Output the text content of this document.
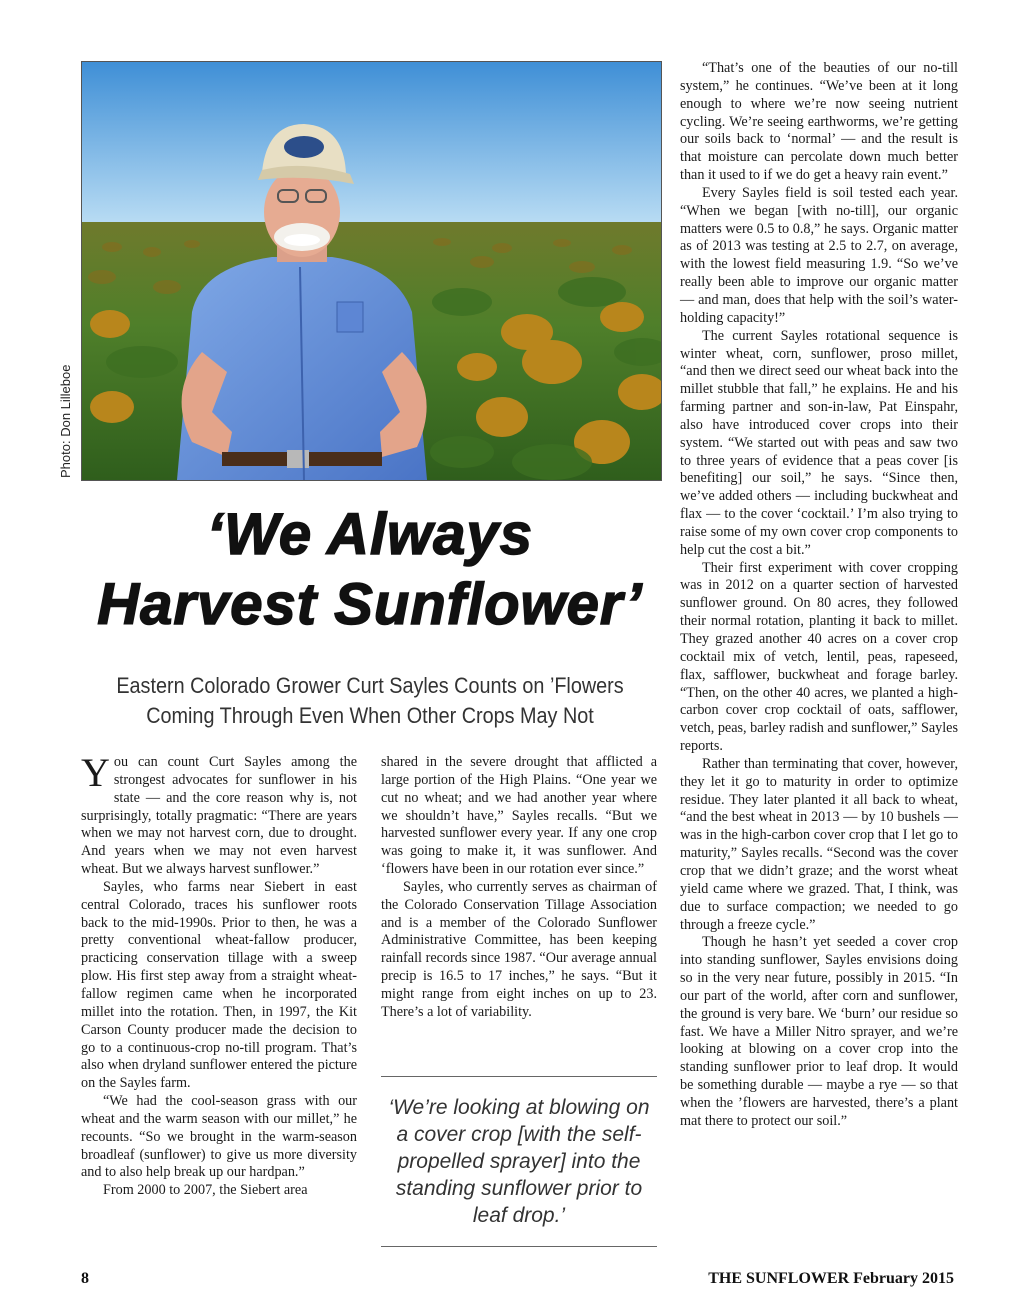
Photo: Don Lilleboe
‘We Always
Harvest Sunflower’
Eastern Colorado Grower Curt Sayles Counts on ’Flowers
Coming Through Even When Other Crops May Not

You can count Curt Sayles among the strongest advocates for sunflower in his state — and the core reason why is, not surprisingly, totally pragmatic: “There are years when we may not harvest corn, due to drought. And years when we may not even harvest wheat. But we always harvest sunflower.”

Sayles, who farms near Siebert in east central Colorado, traces his sunflower roots back to the mid-1990s. Prior to then, he was a pretty conventional wheat-fallow producer, practicing conservation tillage with a sweep plow. His first step away from a straight wheat-fallow regimen came when he incorporated millet into the rotation. Then, in 1997, the Kit Carson County producer made the decision to go to a continuous-crop no-till program. That’s also when dryland sunflower entered the picture on the Sayles farm.

“We had the cool-season grass with our wheat and the warm season with our millet,” he recounts. “So we brought in the warm-season broadleaf (sunflower) to give us more diversity and to also help break up our hardpan.”

From 2000 to 2007, the Siebert area

shared in the severe drought that afflicted a large portion of the High Plains. “One year we cut no wheat; and we had another year where we shouldn’t have,” Sayles recalls. “But we harvested sunflower every year. If any one crop was going to make it, it was sunflower. And ‘flowers have been in our rotation ever since.”

Sayles, who currently serves as chairman of the Colorado Conservation Tillage Association and is a member of the Colorado Sunflower Administrative Committee, has been keeping rainfall records since 1987. “Our average annual precip is 16.5 to 17 inches,” he says. “But it might range from eight inches on up to 23. There’s a lot of variability.

‘We’re looking at blowing on a cover crop [with the self-propelled sprayer] into the standing sunflower prior to leaf drop.’

“That’s one of the beauties of our no-till system,” he continues. “We’ve been at it long enough to where we’re now seeing nutrient cycling. We’re seeing earthworms, we’re getting our soils back to ‘normal’ — and the result is that moisture can percolate down much better than it used to if we do get a heavy rain event.”

Every Sayles field is soil tested each year. “When we began [with no-till], our organic matters were 0.5 to 0.8,” he says. Organic matter as of 2013 was testing at 2.5 to 2.7, on average, with the lowest field measuring 1.9. “So we’ve really been able to improve our organic matter — and man, does that help with the soil’s water-holding capacity!”

The current Sayles rotational sequence is winter wheat, corn, sunflower, proso millet, “and then we direct seed our wheat back into the millet stubble that fall,” he explains. He and his farming partner and son-in-law, Pat Einspahr, also have introduced cover crops into their system. “We started out with peas and saw two to three years of evidence that a peas cover [is benefiting] our soil,” he says. “Since then, we’ve added others — including buckwheat and flax — to the cover ‘cocktail.’ I’m also trying to raise some of my own cover crop components to help cut the cost a bit.”

Their first experiment with cover cropping was in 2012 on a quarter section of harvested sunflower ground. On 80 acres, they followed their normal rotation, planting it back to millet. They grazed another 40 acres on a cover crop cocktail mix of vetch, lentil, peas, rapeseed, flax, safflower, buckwheat and forage barley. “Then, on the other 40 acres, we planted a high-carbon cover crop cocktail of oats, safflower, vetch, peas, barley radish and sunflower,” Sayles reports.

Rather than terminating that cover, however, they let it go to maturity in order to optimize residue. They later planted it all back to wheat, “and the best wheat in 2013 — by 10 bushels — was in the high-carbon cover crop that I let go to maturity,” Sayles recalls. “Second was the cover crop that we didn’t graze; and the worst wheat yield came where we grazed. That, I think, was due to surface compaction; we needed to go through a freeze cycle.”

Though he hasn’t yet seeded a cover crop into standing sunflower, Sayles envisions doing so in the very near future, possibly in 2015. “In our part of the world, after corn and sunflower, the ground is very bare. We ‘burn’ our residue so fast. We have a Miller Nitro sprayer, and we’re looking at blowing on a cover crop into the standing sunflower prior to leaf drop. It would be something durable — maybe a rye — so that when the ’flowers are harvested, there’s a plant mat there to protect our soil.”

8	THE SUNFLOWER February 2015
